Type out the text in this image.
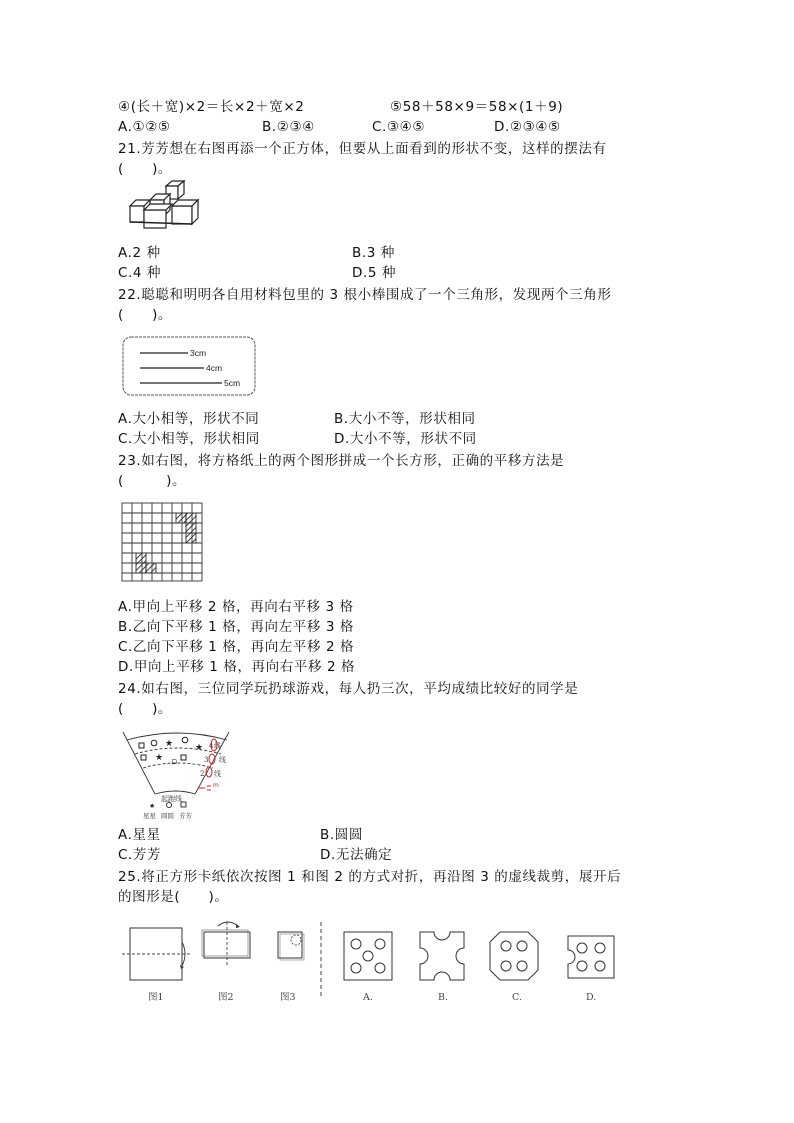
④(长＋宽)×2＝长×2＋宽×2	⑤58＋58×9＝58×(1＋9)
A.①②⑤	B.②③④	C.③④⑤	D.②③④⑤
21.芳芳想在右图再添一个正方体，但要从上面看到的形状不变，这样的摆法有
(　　)。
A.2 种	B.3 种
C.4 种	D.5 种
22.聪聪和明明各自用材料包里的 3 根小棒围成了一个三角形，发现两个三角形
(　　)。
3cm
4cm
5cm
A.大小相等，形状不同	B.大小不等，形状相同
C.大小相等，形状相同	D.大小不等，形状不同
23.如右图，将方格纸上的两个图形拼成一个长方形，正确的平移方法是
(　　　)。
A.甲向上平移 2 格，再向右平移 3 格
B.乙向下平移 1 格，再向左平移 3 格
C.乙向下平移 1 格，再向左平移 2 格
D.甲向上平移 1 格，再向右平移 2 格
24.如右图，三位同学玩扔球游戏，每人扔三次，平均成绩比较好的同学是
(　　)。
★ ★
★ ▫
4 线
3 线
2 线
起跑线
m
★
星星 圆圆 芳芳
A.星星	B.圆圆
C.芳芳	D.无法确定
25.将正方形卡纸依次按图 1 和图 2 的方式对折，再沿图 3 的虚线裁剪，展开后
的图形是(　　)。
图1	图2	图3	A.	B.	C.	D.
